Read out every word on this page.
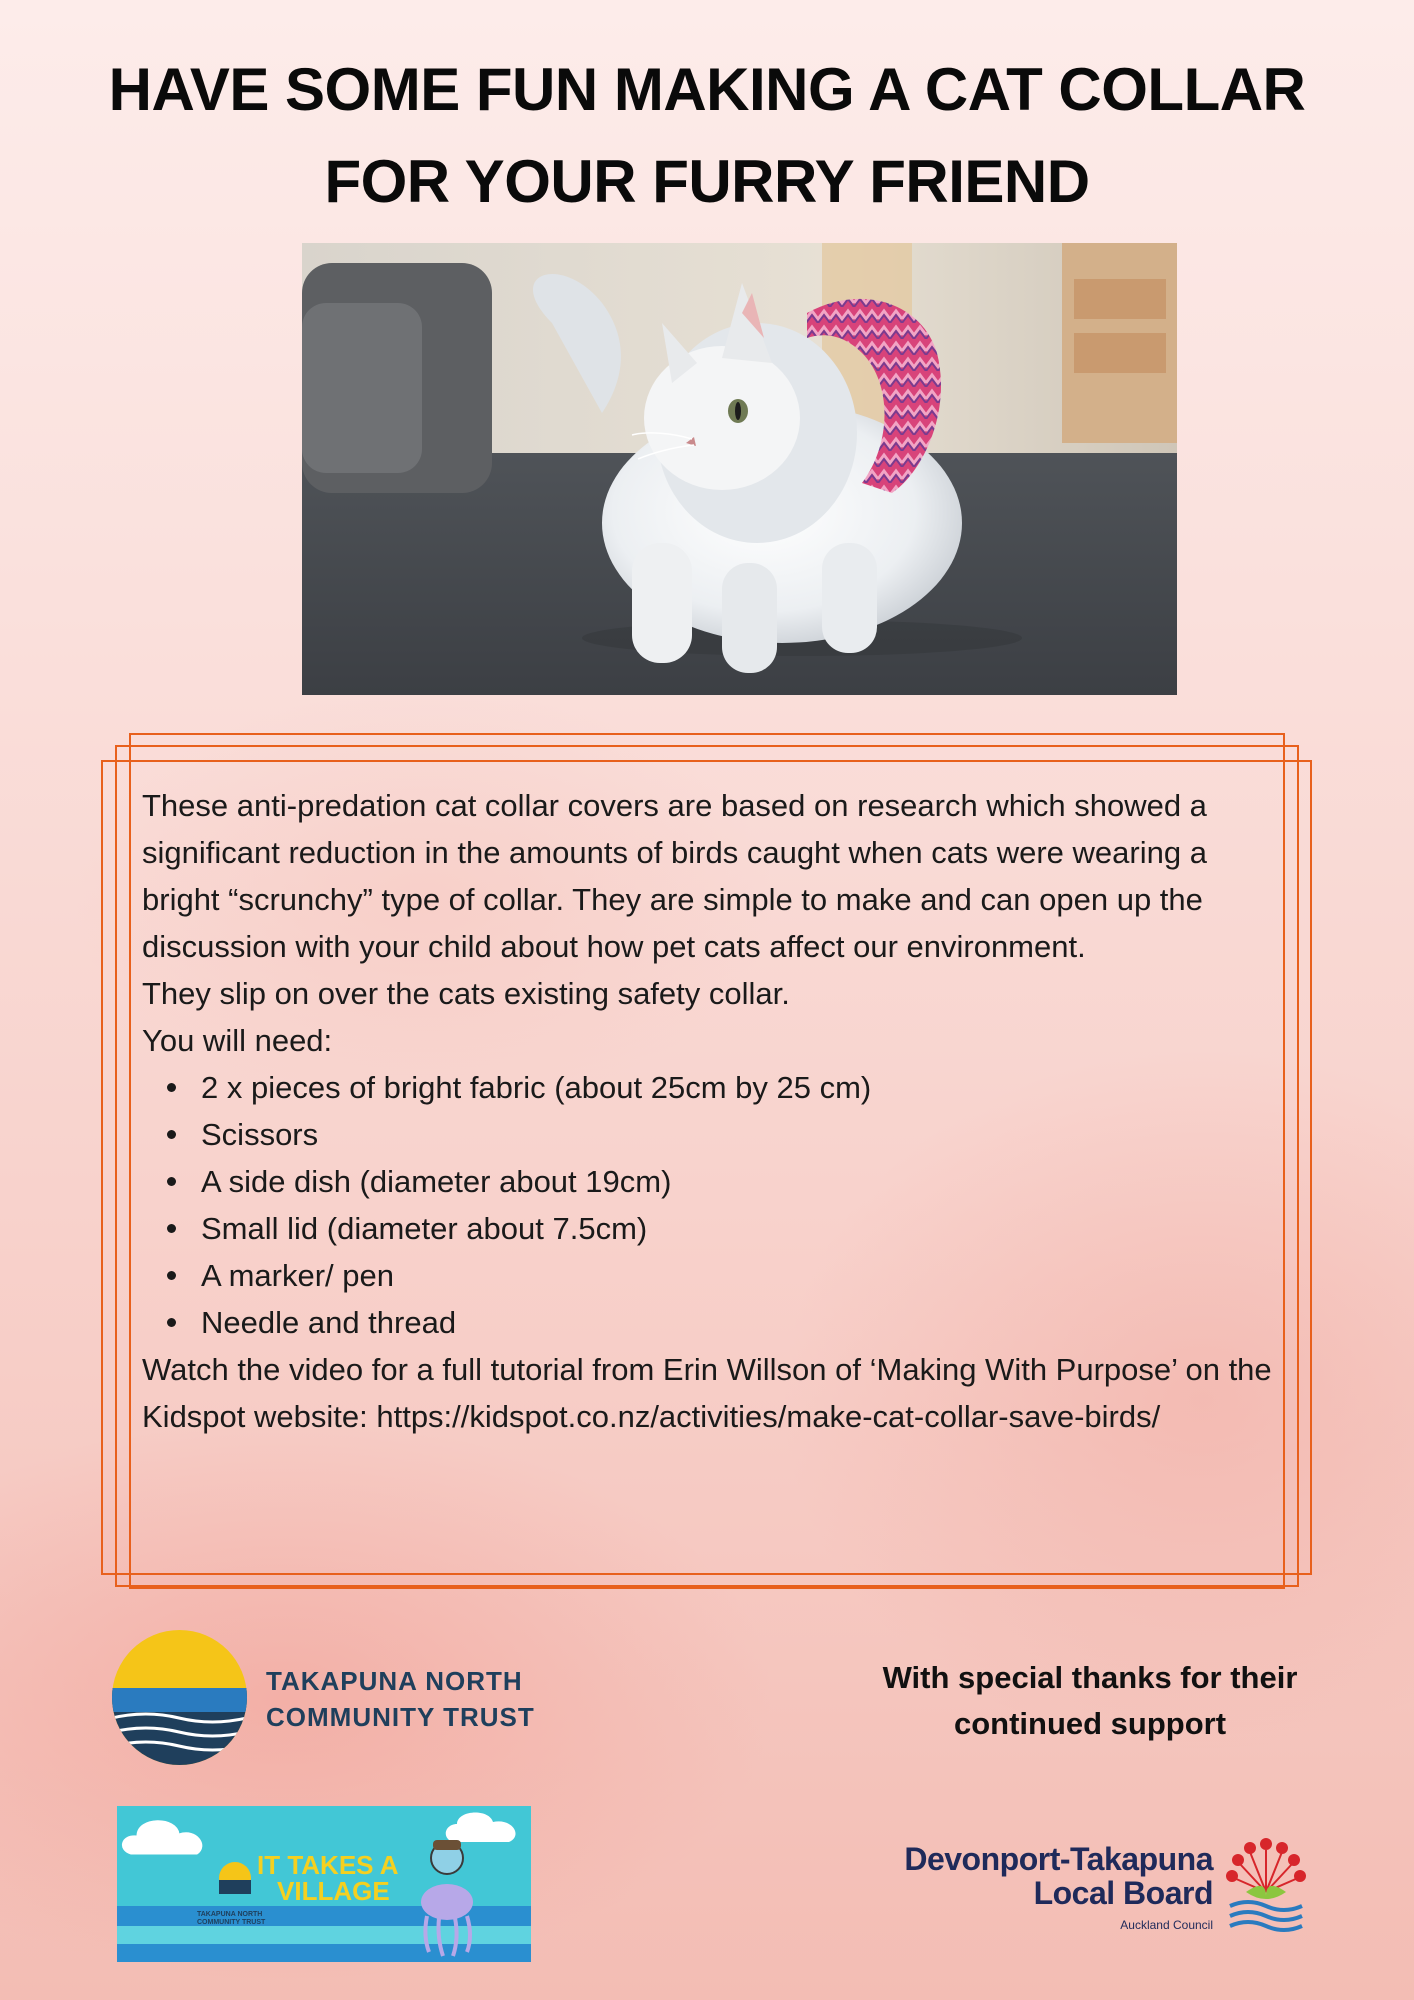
HAVE SOME FUN MAKING A CAT COLLAR
FOR YOUR FURRY FRIEND

These anti-predation cat collar covers are based on research which showed a significant reduction in the amounts of birds caught when cats were wearing a bright “scrunchy” type of collar. They are simple to make and can open up the discussion with your child about how pet cats affect our environment.

They slip on over the cats existing safety collar.

You will need:

2 x pieces of bright fabric (about 25cm by 25 cm)
Scissors
A side dish (diameter about 19cm)
Small lid (diameter about 7.5cm)
A marker/ pen
Needle and thread

Watch the video for a full tutorial from Erin Willson of ‘Making With Purpose’ on the Kidspot website: https://kidspot.co.nz/activities/make-cat-collar-save-birds/

TAKAPUNA NORTH
COMMUNITY TRUST
With special thanks for their
continued support
IT TAKES A
VILLAGE
TAKAPUNA NORTH
COMMUNITY TRUST
Devonport-Takapuna
Local Board
Auckland Council
